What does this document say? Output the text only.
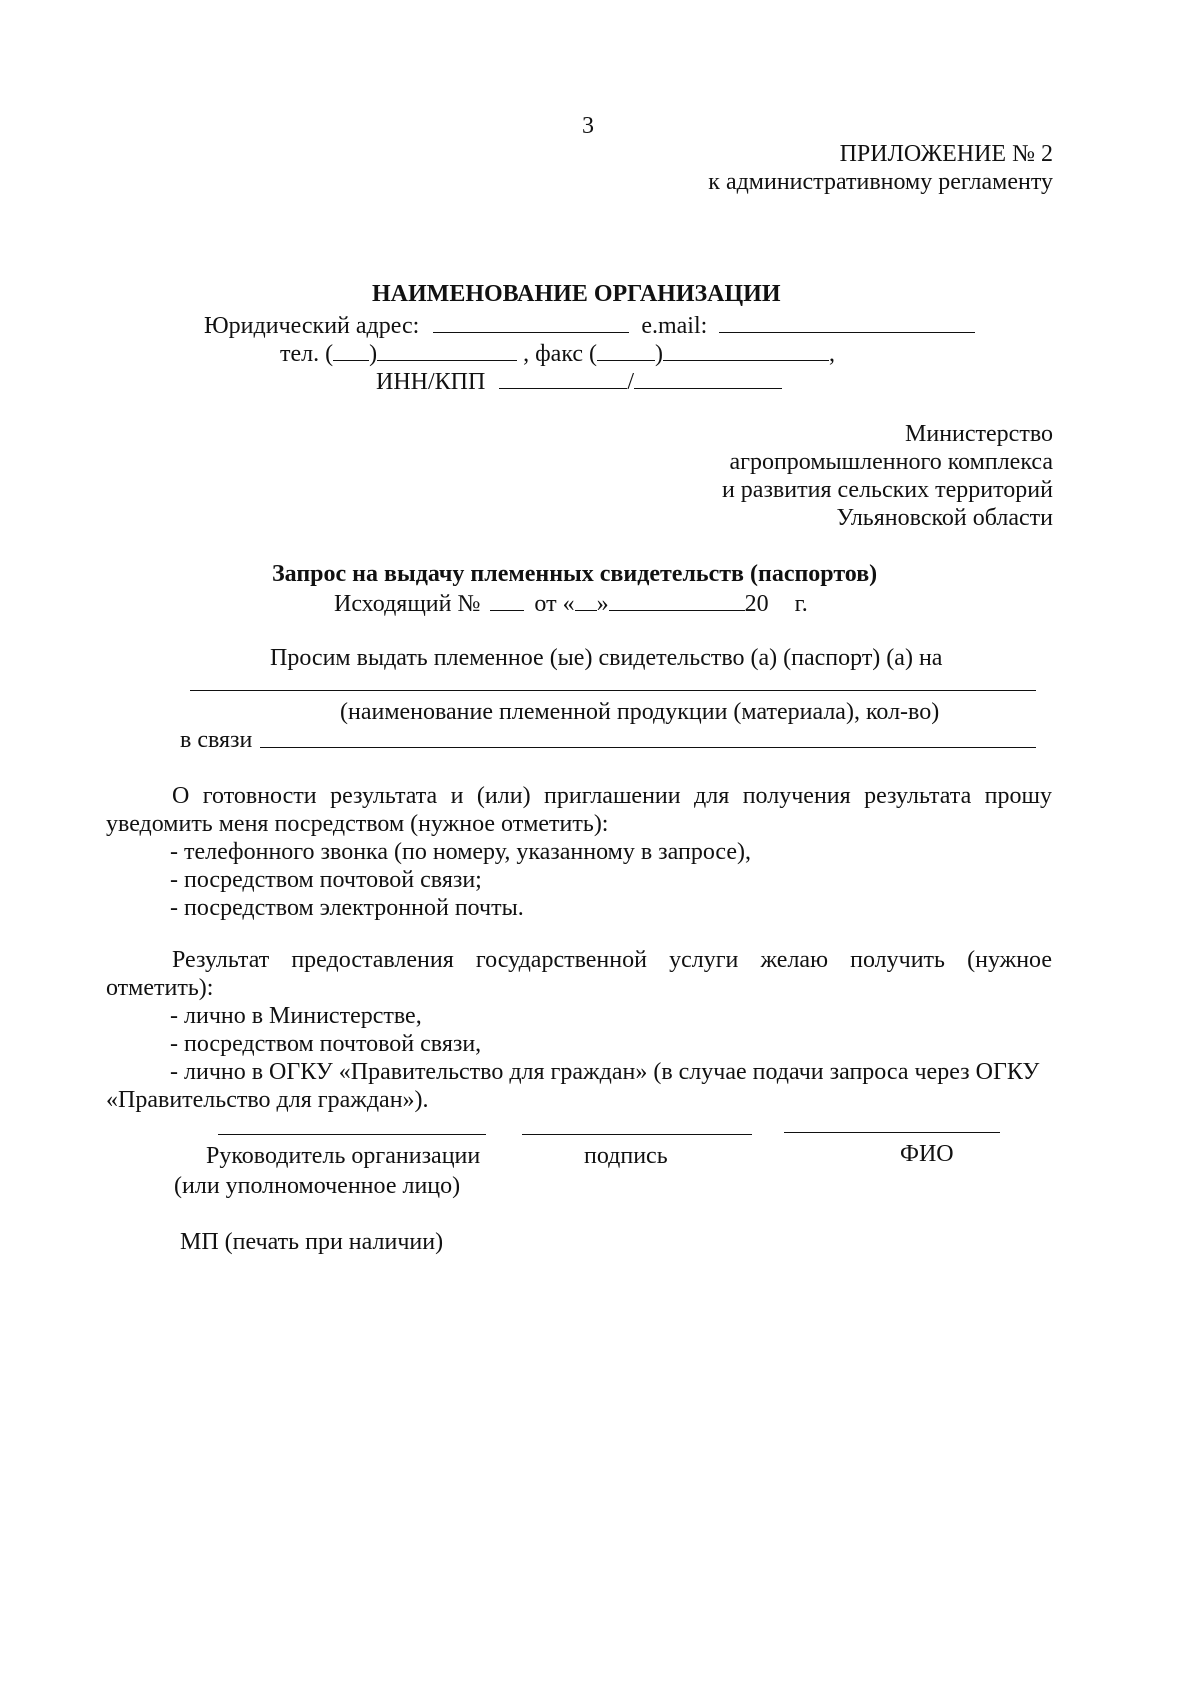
3
ПРИЛОЖЕНИЕ № 2
к административному регламенту
НАИМЕНОВАНИЕ ОРГАНИЗАЦИИ
Юридический адрес:	e.mail:
тел. ( )	, факс ( )	,
ИНН/КПП	/
Министерство
агропромышленного комплекса
и развития сельских территорий
Ульяновской области
Запрос на выдачу племенных свидетельств (паспортов)
Исходящий № от « »	20 г.
Просим выдать племенное (ые) свидетельство (а) (паспорт) (а) на
(наименование племенной продукции (материала), кол-во)
в связи
О готовности результата и (или) приглашении для получения результата прошу
уведомить меня посредством (нужное отметить):
- телефонного звонка (по номеру, указанному в запросе),
- посредством почтовой связи;
- посредством электронной почты.
Результат предоставления государственной услуги желаю получить (нужное
отметить):
- лично в Министерстве,
- посредством почтовой связи,
- лично в ОГКУ «Правительство для граждан» (в случае подачи запроса через ОГКУ
«Правительство для граждан»).
Руководитель организации	подпись	ФИО
(или уполномоченное лицо)
МП (печать при наличии)
